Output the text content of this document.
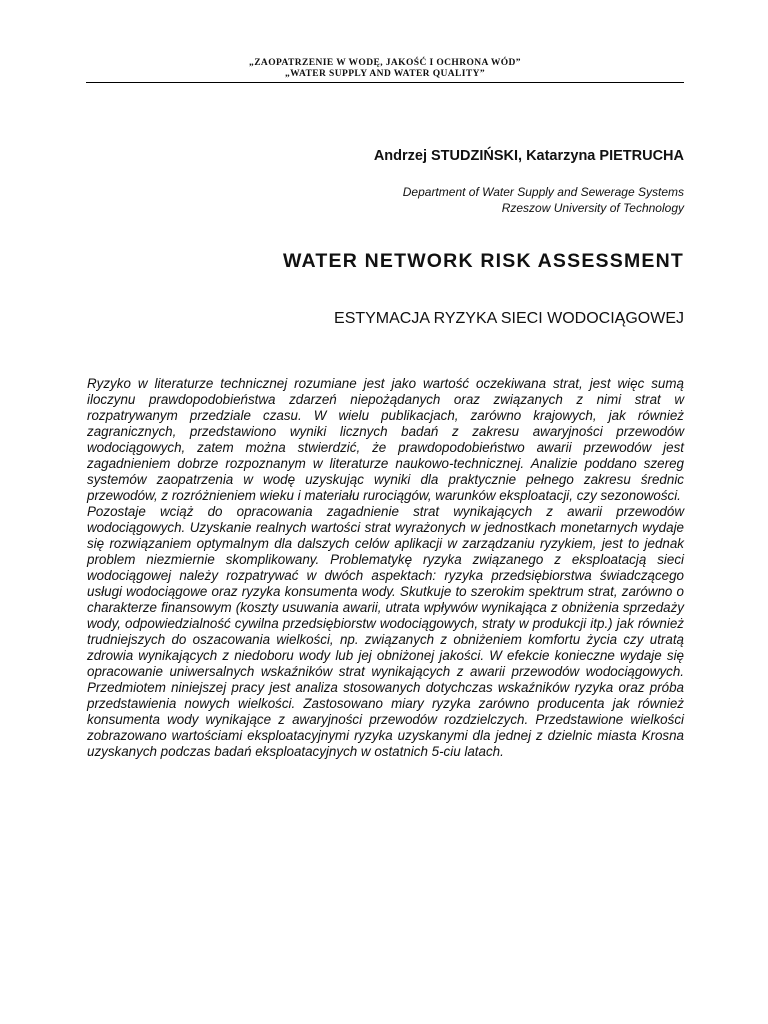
„ZAOPATRZENIE W WODĘ, JAKOŚĆ I OCHRONA WÓD”
„WATER SUPPLY AND WATER QUALITY”
Andrzej STUDZIŃSKI, Katarzyna PIETRUCHA
Department of Water Supply and Sewerage Systems
Rzeszow University of Technology
WATER NETWORK RISK ASSESSMENT
ESTYMACJA RYZYKA SIECI WODOCIĄGOWEJ

Ryzyko w literaturze technicznej rozumiane jest jako wartość oczekiwana strat, jest więc sumą iloczynu prawdopodobieństwa zdarzeń niepożądanych oraz związanych z nimi strat w rozpatrywanym przedziale czasu. W wielu publikacjach, zarówno krajowych, jak również zagranicznych, przedstawiono wyniki licznych badań z zakresu awaryjności przewodów wodociągowych, zatem można stwierdzić, że prawdopodobieństwo awarii przewodów jest zagadnieniem dobrze rozpoznanym w literaturze naukowo-technicznej. Analizie poddano szereg systemów zaopatrzenia w wodę uzyskując wyniki dla praktycznie pełnego zakresu średnic przewodów, z rozróżnieniem wieku i materiału rurociągów, warunków eksploatacji, czy sezonowości.

Pozostaje wciąż do opracowania zagadnienie strat wynikających z awarii przewodów wodociągowych. Uzyskanie realnych wartości strat wyrażonych w jednostkach monetarnych wydaje się rozwiązaniem optymalnym dla dalszych celów aplikacji w zarządzaniu ryzykiem, jest to jednak problem niezmiernie skomplikowany. Problematykę ryzyka związanego z eksploatacją sieci wodociągowej należy rozpatrywać w dwóch aspektach: ryzyka przedsiębiorstwa świadczącego usługi wodociągowe oraz ryzyka konsumenta wody. Skutkuje to szerokim spektrum strat, zarówno o charakterze finansowym (koszty usuwania awarii, utrata wpływów wynikająca z obniżenia sprzedaży wody, odpowiedzialność cywilna przedsiębiorstw wodociągowych, straty w produkcji itp.) jak również trudniejszych do oszacowania wielkości, np. związanych z obniżeniem komfortu życia czy utratą zdrowia wynikających z niedoboru wody lub jej obniżonej jakości. W efekcie konieczne wydaje się opracowanie uniwersalnych wskaźników strat wynikających z awarii przewodów wodociągowych. Przedmiotem niniejszej pracy jest analiza stosowanych dotychczas wskaźników ryzyka oraz próba przedstawienia nowych wielkości. Zastosowano miary ryzyka zarówno producenta jak również konsumenta wody wynikające z awaryjności przewodów rozdzielczych. Przedstawione wielkości zobrazowano wartościami eksploatacyjnymi ryzyka uzyskanymi dla jednej z dzielnic miasta Krosna uzyskanych podczas badań eksploatacyjnych w ostatnich 5-ciu latach.
